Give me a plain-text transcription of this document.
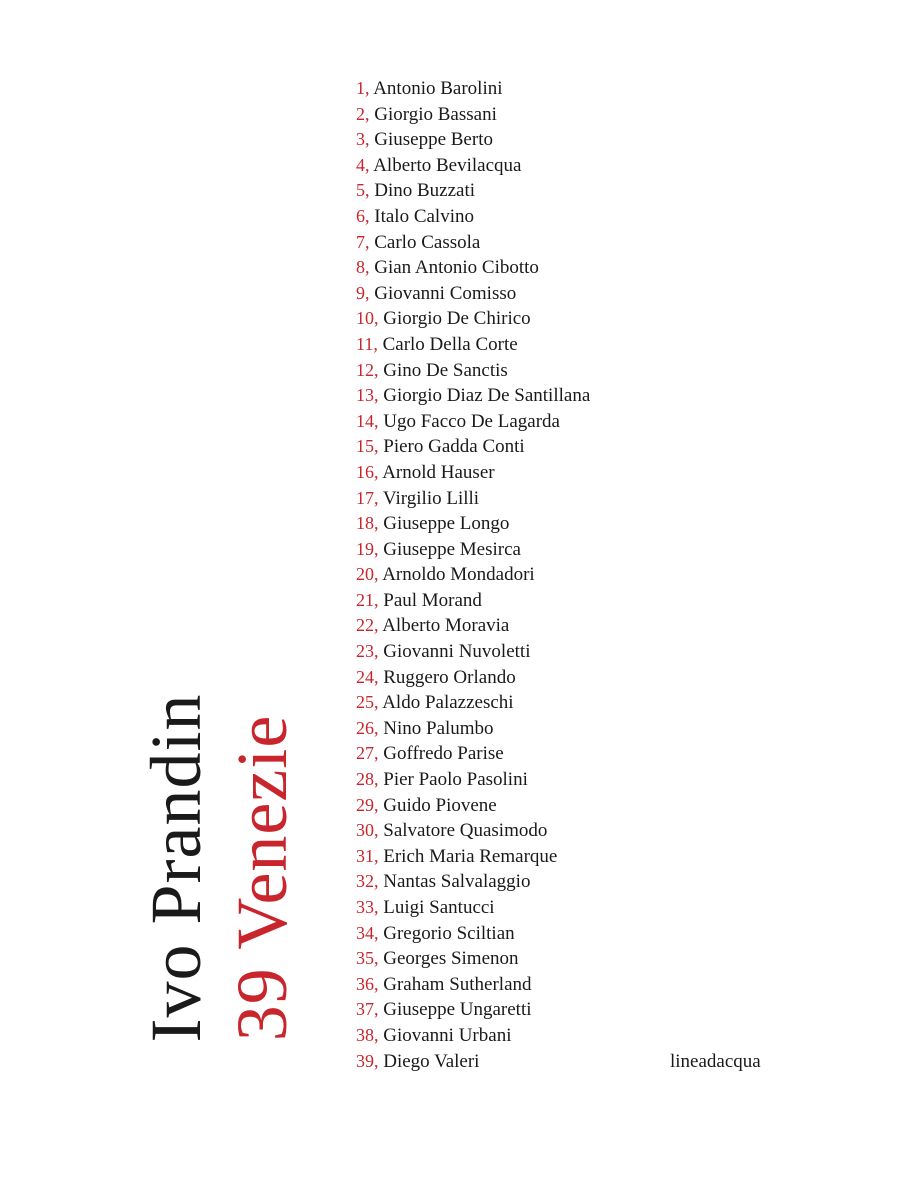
Ivo Prandin 39 Venezie
1, Antonio Barolini
2, Giorgio Bassani
3, Giuseppe Berto
4, Alberto Bevilacqua
5, Dino Buzzati
6, Italo Calvino
7, Carlo Cassola
8, Gian Antonio Cibotto
9, Giovanni Comisso
10, Giorgio De Chirico
11, Carlo Della Corte
12, Gino De Sanctis
13, Giorgio Diaz De Santillana
14, Ugo Facco De Lagarda
15, Piero Gadda Conti
16, Arnold Hauser
17, Virgilio Lilli
18, Giuseppe Longo
19, Giuseppe Mesirca
20, Arnoldo Mondadori
21, Paul Morand
22, Alberto Moravia
23, Giovanni Nuvoletti
24, Ruggero Orlando
25, Aldo Palazzeschi
26, Nino Palumbo
27, Goffredo Parise
28, Pier Paolo Pasolini
29, Guido Piovene
30, Salvatore Quasimodo
31, Erich Maria Remarque
32, Nantas Salvalaggio
33, Luigi Santucci
34, Gregorio Sciltian
35, Georges Simenon
36, Graham Sutherland
37, Giuseppe Ungaretti
38, Giovanni Urbani
39, Diego Valeri	lineadacqua
